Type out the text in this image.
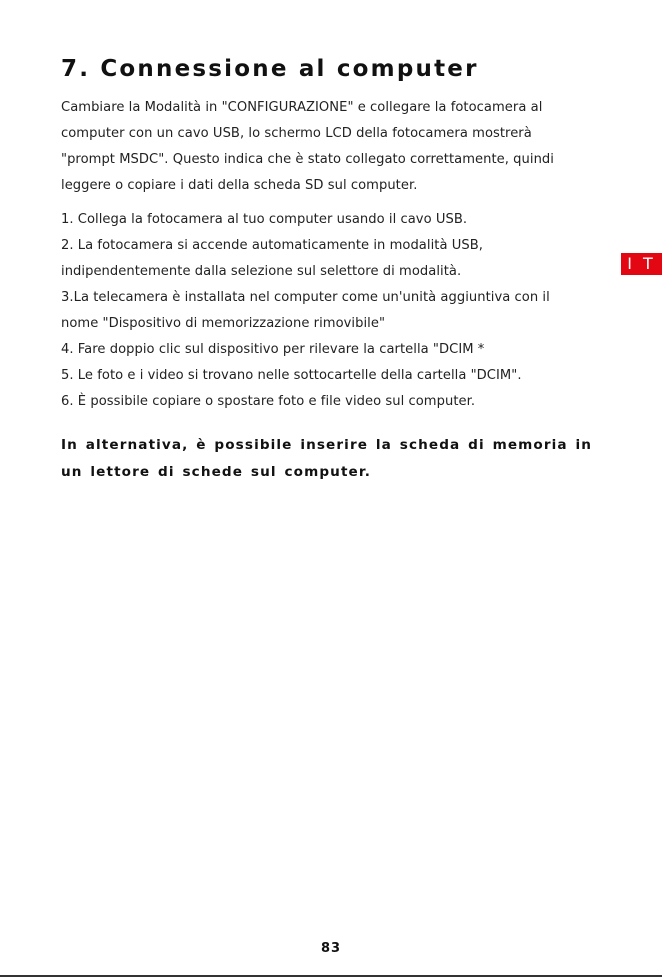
7. Connessione al computer

Cambiare la Modalità in "CONFIGURAZIONE" e collegare la fotocamera al
computer con un cavo USB, lo schermo LCD della fotocamera mostrerà
"prompt MSDC". Questo indica che è stato collegato correttamente, quindi
leggere o copiare i dati della scheda SD sul computer.

1. Collega la fotocamera al tuo computer usando il cavo USB.
2. La fotocamera si accende automaticamente in modalità USB,
indipendentemente dalla selezione sul selettore di modalità.
3.La telecamera è installata nel computer come un'unità aggiuntiva con il
nome "Dispositivo di memorizzazione rimovibile"
4. Fare doppio clic sul dispositivo per rilevare la cartella "DCIM *
5. Le foto e i video si trovano nelle sottocartelle della cartella "DCIM".
6. È possibile copiare o spostare foto e file video sul computer.

In alternativa, è possibile inserire la scheda di memoria in un lettore di schede sul computer.

I T
83
